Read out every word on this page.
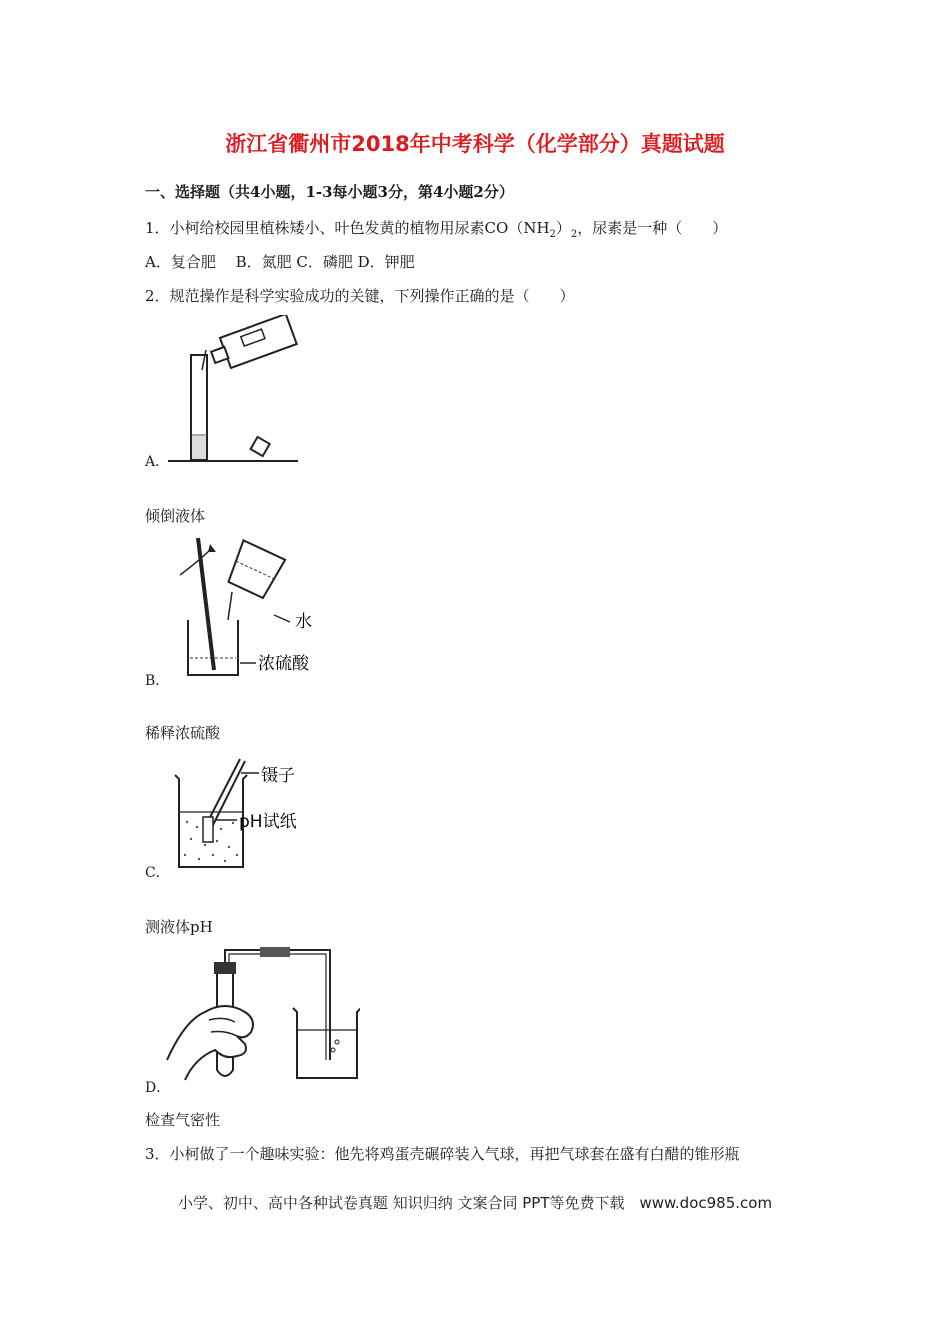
浙江省衢州市2018年中考科学（化学部分）真题试题
一、选择题（共4小题，1-3每小题3分，第4小题2分）
1．小柯给校园里植株矮小、叶色发黄的植物用尿素$CO(NH_2)_2$，尿素是一种（　　）
A．复合肥　 B．氮肥 C．磷肥 D．钾肥
2．规范操作是科学实验成功的关键，下列操作正确的是（　　）
A．
倾倒液体
水
浓硫酸
B．
稀释浓硫酸
镊子
pH试纸
C．
测液体pH
D．
检查气密性
3．小柯做了一个趣味实验：他先将鸡蛋壳碾碎装入气球，再把气球套在盛有白醋的锥形瓶
小学、初中、高中各种试卷真题 知识归纳 文案合同 PPT等免费下载　www.doc985.com
